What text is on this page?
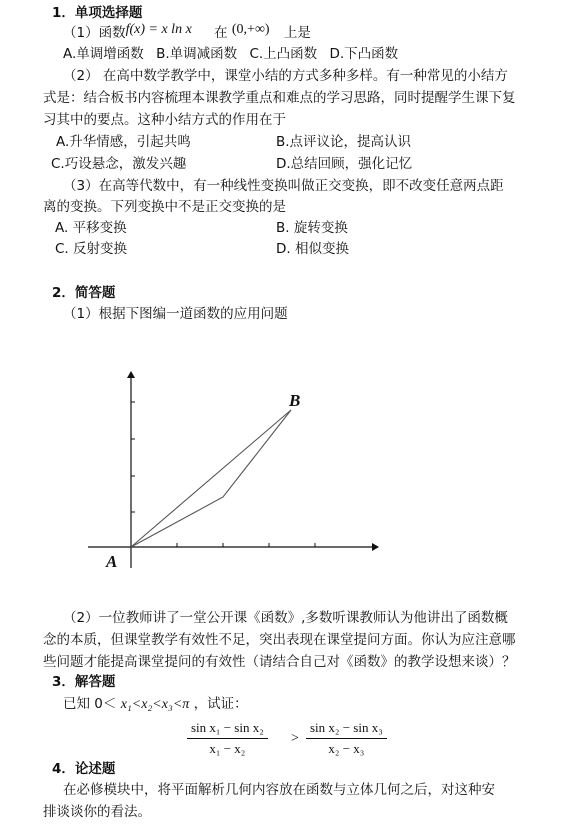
1．单项选择题
（1）函数f(x) = x ln x 在 (0,+∞) 上是
A.单调增函数 B.单调减函数 C.上凸函数 D.下凸函数
（2） 在高中数学教学中，课堂小结的方式多种多样。有一种常见的小结方
式是：结合板书内容梳理本课教学重点和难点的学习思路，同时提醒学生课下复
习其中的要点。这种小结方式的作用在于
A.升华情感，引起共鸣	B.点评议论，提高认识
C.巧设悬念，激发兴趣	D.总结回顾，强化记忆
（3）在高等代数中，有一种线性变换叫做正交变换，即不改变任意两点距
离的变换。下列变换中不是正交变换的是
A. 平移变换	B. 旋转变换
C. 反射变换	D. 相似变换
2．简答题
（1）根据下图编一道函数的应用问题
A
B
（2）一位教师讲了一堂公开课《函数》,多数听课教师认为他讲出了函数概
念的本质，但课堂教学有效性不足，突出表现在课堂提问方面。你认为应注意哪
些问题才能提高课堂提问的有效性（请结合自己对《函数》的教学设想来谈）？
3．解答题
已知 0＜ x₁<x₂<x₃<π ，试证：
$\frac{\text{sin x₁ − sin x₂}}{\text{x₁ − x₂}} > \frac{\text{sin x₂ − sin x₃}}{\text{x₂ − x₃}}$
4．论述题
在必修模块中，将平面解析几何内容放在函数与立体几何之后，对这种安
排谈谈你的看法。
